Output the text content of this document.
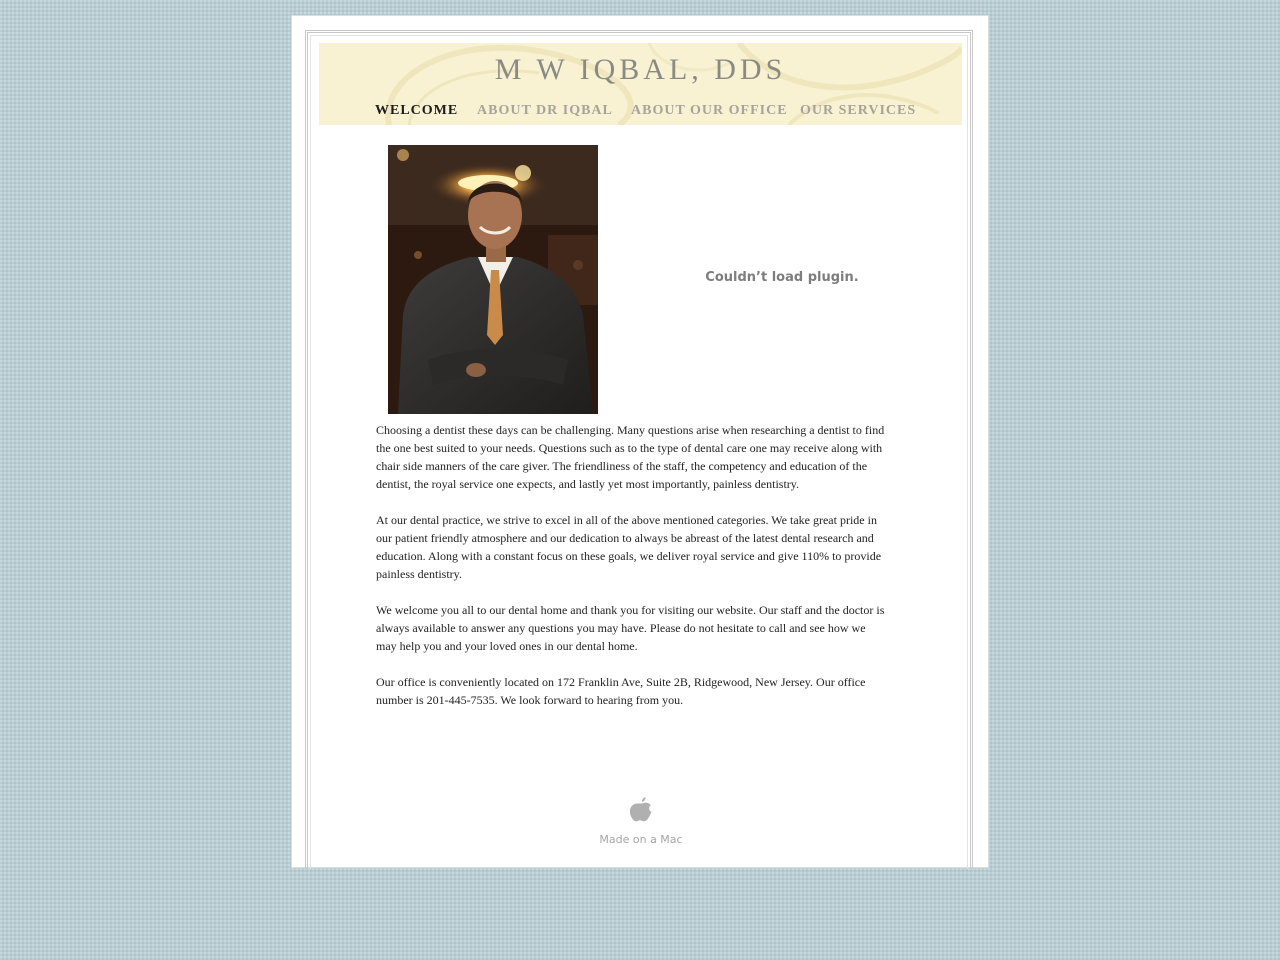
M W IQBAL, DDS
WELCOME ABOUT DR IQBAL ABOUT OUR OFFICE OUR SERVICES
Couldn’t load plugin.

Choosing a dentist these days can be challenging. Many questions arise when researching a dentist to find the one best suited to your needs. Questions such as to the type of dental care one may receive along with chair side manners of the care giver. The friendliness of the staff, the competency and education of the dentist, the royal service one expects, and lastly yet most importantly, painless dentistry.

At our dental practice, we strive to excel in all of the above mentioned categories. We take great pride in our patient friendly atmosphere and our dedication to always be abreast of the latest dental research and education. Along with a constant focus on these goals, we deliver royal service and give 110% to provide painless dentistry.

We welcome you all to our dental home and thank you for visiting our website. Our staff and the doctor is always available to answer any questions you may have. Please do not hesitate to call and see how we may help you and your loved ones in our dental home.

Our office is conveniently located on 172 Franklin Ave, Suite 2B, Ridgewood, New Jersey. Our office number is 201-445-7535. We look forward to hearing from you.

Made on a Mac
